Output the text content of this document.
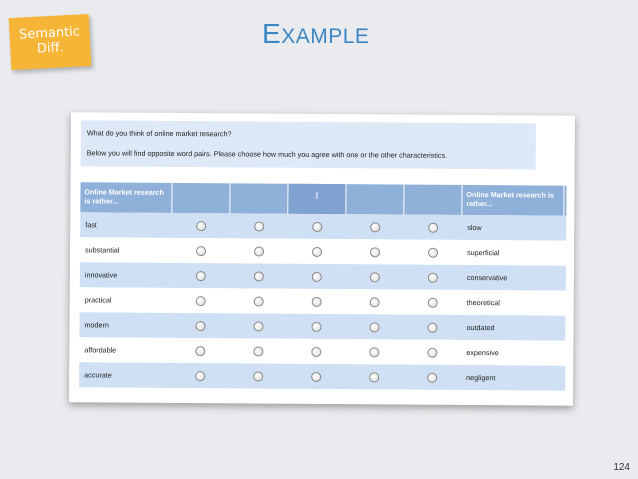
Semantic
Diff.	EXAMPLE
What do you think of online market research?
Below you will find opposite word pairs. Please choose how much you agree with one or the other characteristics.
Online Market research is rather...	I	Online Market research is rather...
fast	slow
substantial	superficial
innovative	conservative
practical	theoretical
modern	outdated
affordable	expensive
accurate	negligent
124
